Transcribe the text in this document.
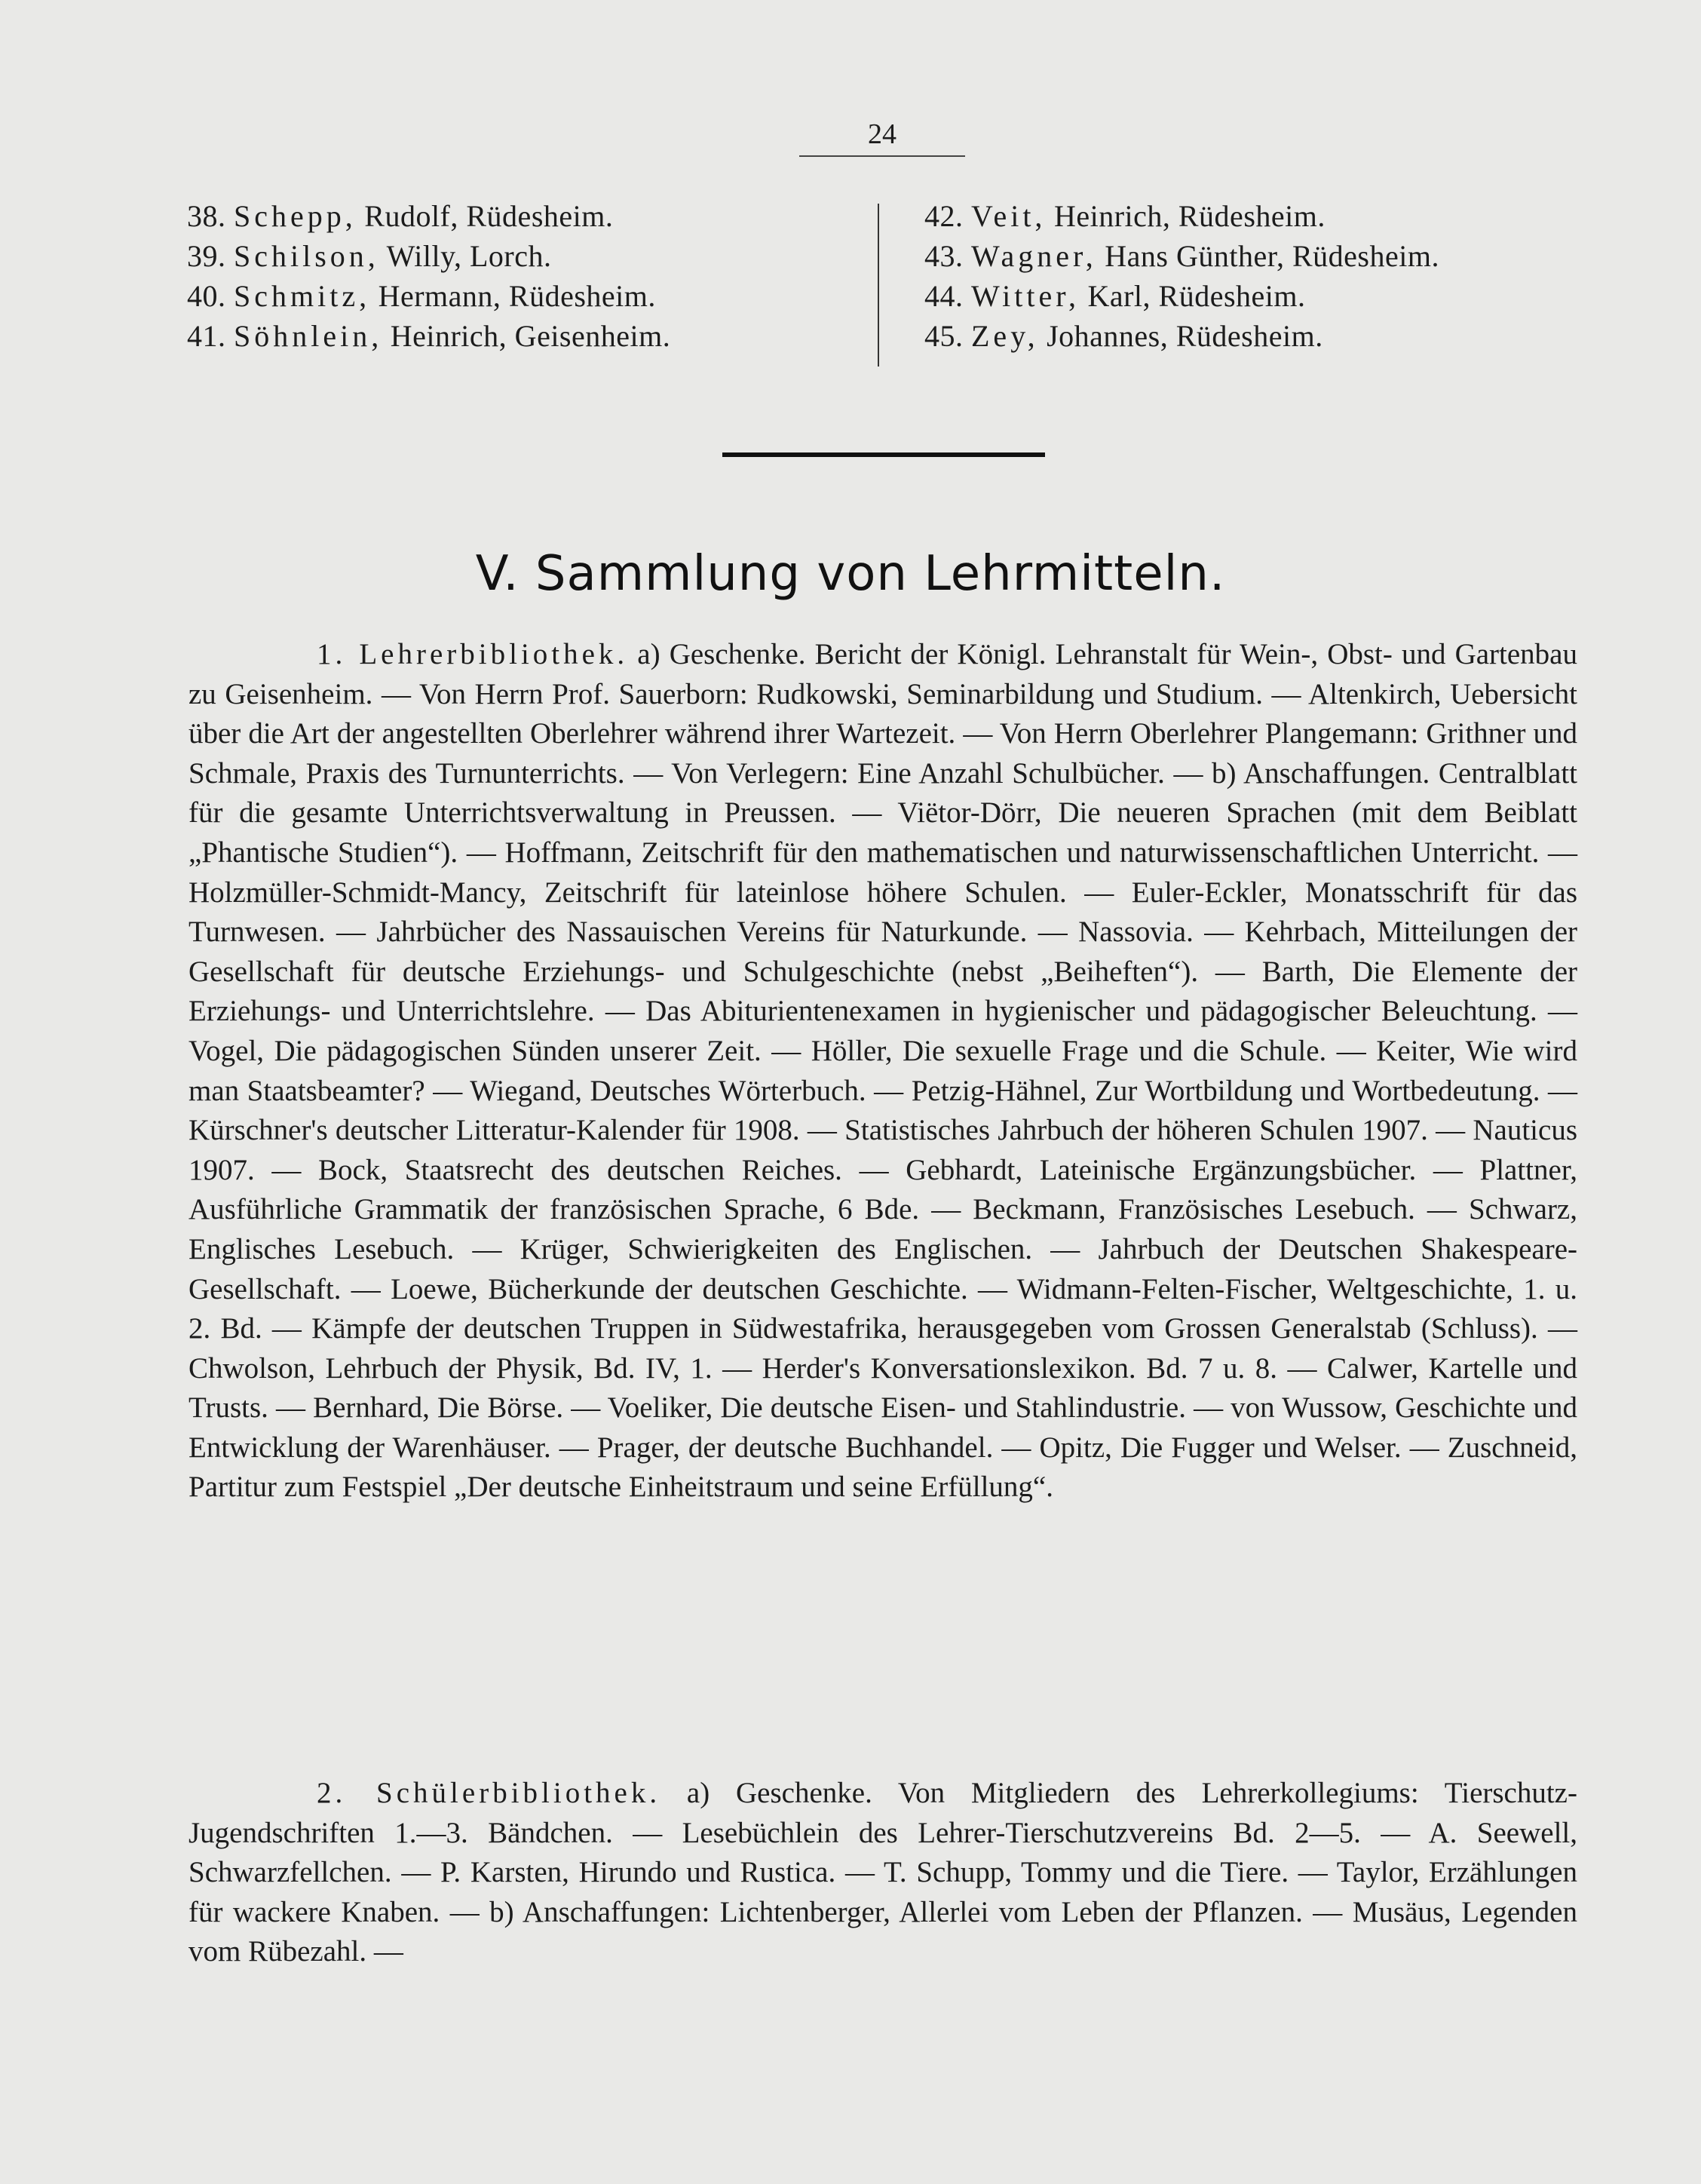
24
38. Schepp, Rudolf, Rüdesheim.
39. Schilson, Willy, Lorch.
40. Schmitz, Hermann, Rüdesheim.
41. Söhnlein, Heinrich, Geisenheim.
42. Veit, Heinrich, Rüdesheim.
43. Wagner, Hans Günther, Rüdesheim.
44. Witter, Karl, Rüdesheim.
45. Zey, Johannes, Rüdesheim.
V. Sammlung von Lehrmitteln.
1. Lehrerbibliothek. a) Geschenke. Bericht der Königl. Lehranstalt für Wein-, Obst- und Gartenbau zu Geisenheim. — Von Herrn Prof. Sauerborn: Rudkowski, Seminarbildung und Studium. — Altenkirch, Uebersicht über die Art der angestellten Oberlehrer während ihrer Wartezeit. — Von Herrn Oberlehrer Plangemann: Grithner und Schmale, Praxis des Turnunterrichts. — Von Verlegern: Eine Anzahl Schulbücher. — b) Anschaffungen. Centralblatt für die gesamte Unterrichtsverwaltung in Preussen. — Viëtor-Dörr, Die neueren Sprachen (mit dem Beiblatt „Phantische Studien“). — Hoffmann, Zeitschrift für den mathematischen und naturwissenschaftlichen Unterricht. — Holzmüller-Schmidt-Mancy, Zeitschrift für lateinlose höhere Schulen. — Euler-Eckler, Monatsschrift für das Turnwesen. — Jahrbücher des Nassauischen Vereins für Naturkunde. — Nassovia. — Kehrbach, Mitteilungen der Gesellschaft für deutsche Erziehungs- und Schulgeschichte (nebst „Beiheften“). — Barth, Die Elemente der Erziehungs- und Unterrichtslehre. — Das Abiturientenexamen in hygienischer und pädagogischer Beleuchtung. — Vogel, Die pädagogischen Sünden unserer Zeit. — Höller, Die sexuelle Frage und die Schule. — Keiter, Wie wird man Staatsbeamter? — Wiegand, Deutsches Wörterbuch. — Petzig-Hähnel, Zur Wortbildung und Wortbedeutung. — Kürschner's deutscher Litteratur-Kalender für 1908. — Statistisches Jahrbuch der höheren Schulen 1907. — Nauticus 1907. — Bock, Staatsrecht des deutschen Reiches. — Gebhardt, Lateinische Ergänzungsbücher. — Plattner, Ausführliche Grammatik der französischen Sprache, 6 Bde. — Beckmann, Französisches Lesebuch. — Schwarz, Englisches Lesebuch. — Krüger, Schwierigkeiten des Englischen. — Jahrbuch der Deutschen Shakespeare-Gesellschaft. — Loewe, Bücherkunde der deutschen Geschichte. — Widmann-Felten-Fischer, Weltgeschichte, 1. u. 2. Bd. — Kämpfe der deutschen Truppen in Südwestafrika, herausgegeben vom Grossen Generalstab (Schluss). — Chwolson, Lehrbuch der Physik, Bd. IV, 1. — Herder's Konversationslexikon. Bd. 7 u. 8. — Calwer, Kartelle und Trusts. — Bernhard, Die Börse. — Voeliker, Die deutsche Eisen- und Stahlindustrie. — von Wussow, Geschichte und Entwicklung der Warenhäuser. — Prager, der deutsche Buchhandel. — Opitz, Die Fugger und Welser. — Zuschneid, Partitur zum Festspiel „Der deutsche Einheitstraum und seine Erfüllung“.
2. Schülerbibliothek. a) Geschenke. Von Mitgliedern des Lehrerkollegiums: Tierschutz-Jugendschriften 1.—3. Bändchen. — Lesebüchlein des Lehrer-Tierschutzvereins Bd. 2—5. — A. Seewell, Schwarzfellchen. — P. Karsten, Hirundo und Rustica. — T. Schupp, Tommy und die Tiere. — Taylor, Erzählungen für wackere Knaben. — b) Anschaffungen: Lichtenberger, Allerlei vom Leben der Pflanzen. — Musäus, Legenden vom Rübezahl. —
